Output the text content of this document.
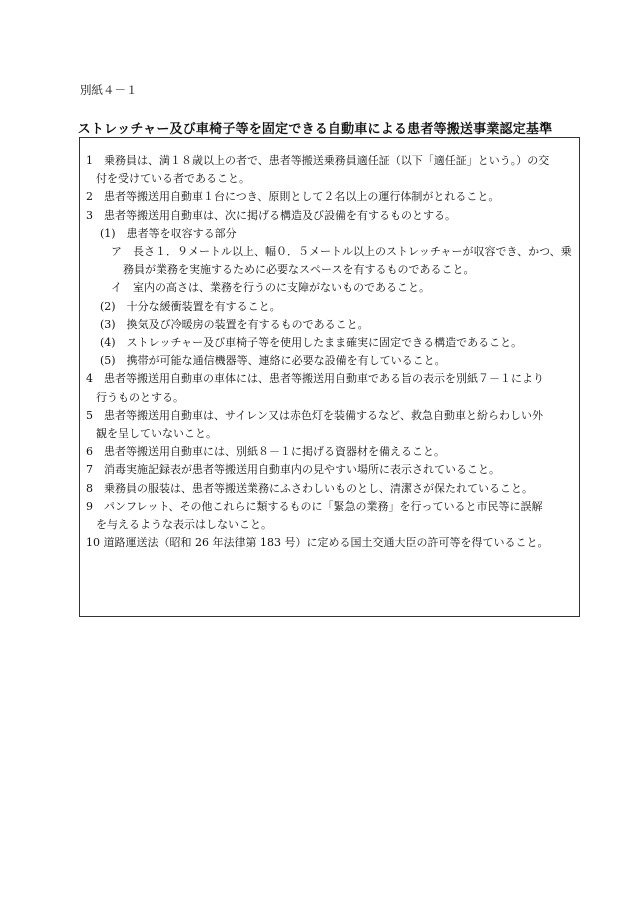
別紙４－１
ストレッチャー及び車椅子等を固定できる自動車による患者等搬送事業認定基準
1　乗務員は、満１８歳以上の者で、患者等搬送乗務員適任証（以下「適任証」という。）の交
付を受けている者であること。
2　患者等搬送用自動車１台につき、原則として２名以上の運行体制がとれること。
3　患者等搬送用自動車は、次に掲げる構造及び設備を有するものとする。
(1)　患者等を収容する部分
ア　長さ１．９メートル以上、幅０．５メートル以上のストレッチャーが収容でき、かつ、乗
務員が業務を実施するために必要なスペースを有するものであること。
イ　室内の高さは、業務を行うのに支障がないものであること。
(2)　十分な緩衝装置を有すること。
(3)　換気及び冷暖房の装置を有するものであること。
(4)　ストレッチャー及び車椅子等を使用したまま確実に固定できる構造であること。
(5)　携帯が可能な通信機器等、連絡に必要な設備を有していること。
4　患者等搬送用自動車の車体には、患者等搬送用自動車である旨の表示を別紙７－１により
行うものとする。
5　患者等搬送用自動車は、サイレン又は赤色灯を装備するなど、救急自動車と紛らわしい外
観を呈していないこと。
6　患者等搬送用自動車には、別紙８－１に掲げる資器材を備えること。
7　消毒実施記録表が患者等搬送用自動車内の見やすい場所に表示されていること。
8　乗務員の服装は、患者等搬送業務にふさわしいものとし、清潔さが保たれていること。
9　パンフレット、その他これらに類するものに「緊急の業務」を行っていると市民等に誤解
を与えるような表示はしないこと。
10 道路運送法（昭和 26 年法律第 183 号）に定める国土交通大臣の許可等を得ていること。
